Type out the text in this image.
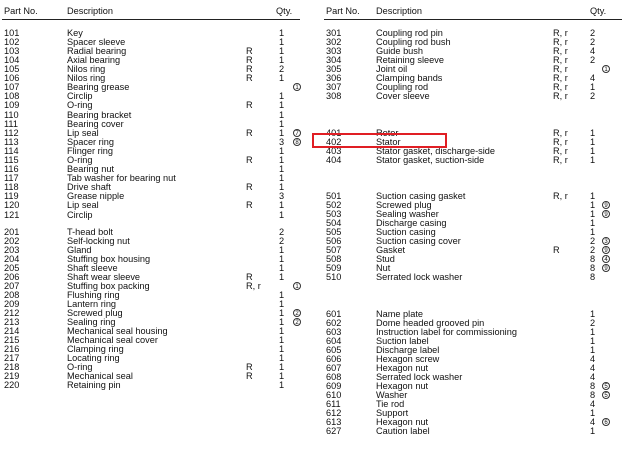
Part No.	Description	Qty.	Part No. Description	Qty.
101	Key	1
102	Spacer sleeve	1
103	Radial bearing	R	1
104	Axial bearing	R	1
105	Nilos ring	R	2
106	Nilos ring	R	1
107	Bearing grease	1
108	Circlip	1
109	O-ring	R	1
110	Bearing bracket	1
111	Bearing cover	1
112	Lip seal	R	1	7
113	Spacer ring	3	8
114	Flinger ring	1
115	O-ring	R	1
116	Bearing nut	1
117	Tab washer for bearing nut	1
118	Drive shaft	R	1
119	Grease nipple	3
120	Lip seal	R	1
121	Circlip	1
201	T-head bolt	2
202	Self-locking nut	2
203	Gland	1
204	Stuffing box housing	1
205	Shaft sleeve	1
206	Shaft wear sleeve	R	1
207	Stuffing box packing	R, r	1
208	Flushing ring	1
209	Lantern ring	1
212	Screwed plug	1	2
213	Sealing ring	1	2
214	Mechanical seal housing	1
215	Mechanical seal cover	1
216	Clamping ring	1
217	Locating ring	1
218	O-ring	R	1
219	Mechanical seal	R	1
220	Retaining pin	1
301	Coupling rod pin	R, r 2
302	Coupling rod bush	R, r 2
303	Guide bush	R, r 4
304	Retaining sleeve	R, r 2
305	Joint oil	R, r	1
306	Clamping bands	R, r 4
307	Coupling rod	R, r 1
308	Cover sleeve	R, r 2
401	Rotor	R, r 1
402	Stator	R, r 1
403	Stator gasket, discharge-side	R, r 1
404	Stator gasket, suction-side	R, r 1
501	Suction casing gasket	R, r 1
502	Screwed plug	1	9
503	Sealing washer	1	9
504	Discharge casing	1
505	Suction casing	1
506	Suction casing cover	2	3
507	Gasket	R	2	9
508	Stud	8	4
509	Nut	8	9
510	Serrated lock washer	8
601	Name plate	1
602	Dome headed grooved pin	2
603	Instruction label for commissioning	1
604	Suction label	1
605	Discharge label	1
606	Hexagon screw	4
607	Hexagon nut	4
608	Serrated lock washer	4
609	Hexagon nut	8	5
610	Washer	8	5
611	Tie rod	4
612	Support	1
613	Hexagon nut	4	6
627	Caution label	1
